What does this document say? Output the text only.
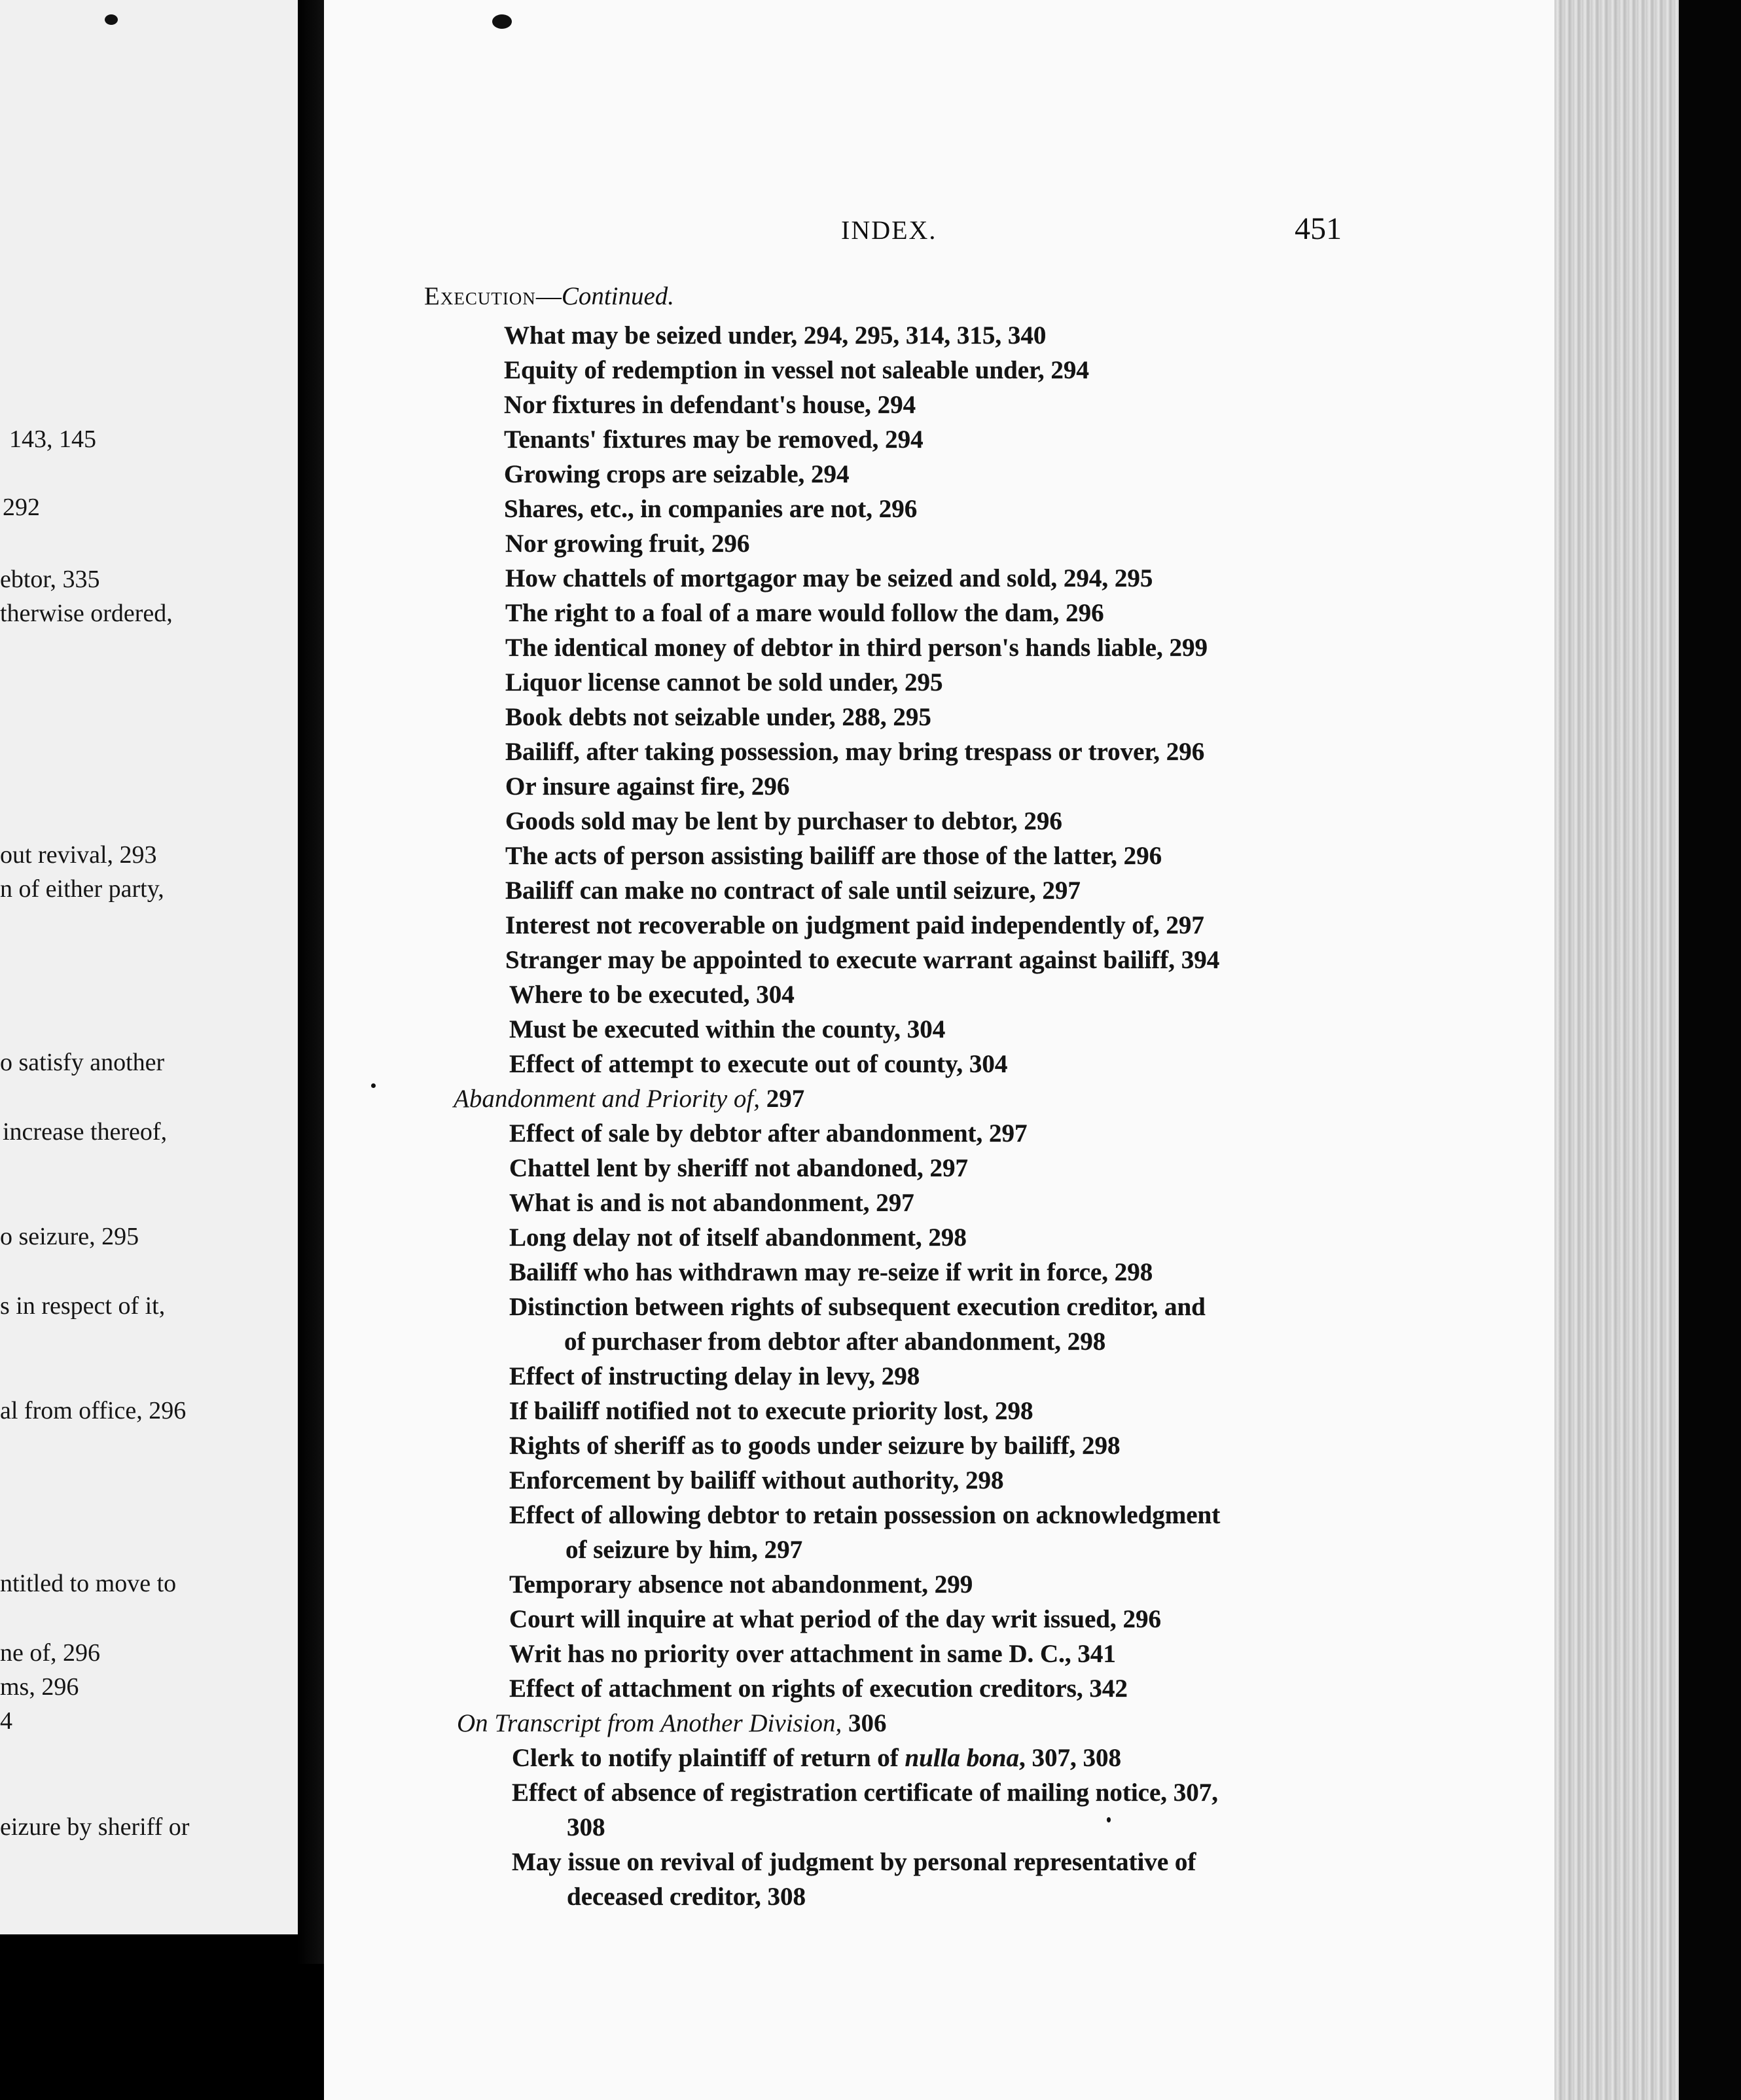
143, 145
292
ebtor, 335
therwise ordered,
out revival, 293
n of either party,
o satisfy another
increase thereof,
o seizure, 295
s in respect of it,
al from office, 296
ntitled to move to
ne of, 296
ms, 296
4
eizure by sheriff or
INDEX.	451
Execution—Continued.
What may be seized under, 294, 295, 314, 315, 340
Equity of redemption in vessel not saleable under, 294
Nor fixtures in defendant's house, 294
Tenants' fixtures may be removed, 294
Growing crops are seizable, 294
Shares, etc., in companies are not, 296
Nor growing fruit, 296
How chattels of mortgagor may be seized and sold, 294, 295
The right to a foal of a mare would follow the dam, 296
The identical money of debtor in third person's hands liable, 299
Liquor license cannot be sold under, 295
Book debts not seizable under, 288, 295
Bailiff, after taking possession, may bring trespass or trover, 296
Or insure against fire, 296
Goods sold may be lent by purchaser to debtor, 296
The acts of person assisting bailiff are those of the latter, 296
Bailiff can make no contract of sale until seizure, 297
Interest not recoverable on judgment paid independently of, 297
Stranger may be appointed to execute warrant against bailiff, 394
Where to be executed, 304
Must be executed within the county, 304
Effect of attempt to execute out of county, 304
Abandonment and Priority of, 297
Effect of sale by debtor after abandonment, 297
Chattel lent by sheriff not abandoned, 297
What is and is not abandonment, 297
Long delay not of itself abandonment, 298
Bailiff who has withdrawn may re-seize if writ in force, 298
Distinction between rights of subsequent execution creditor, and
of purchaser from debtor after abandonment, 298
Effect of instructing delay in levy, 298
If bailiff notified not to execute priority lost, 298
Rights of sheriff as to goods under seizure by bailiff, 298
Enforcement by bailiff without authority, 298
Effect of allowing debtor to retain possession on acknowledgment
of seizure by him, 297
Temporary absence not abandonment, 299
Court will inquire at what period of the day writ issued, 296
Writ has no priority over attachment in same D. C., 341
Effect of attachment on rights of execution creditors, 342
On Transcript from Another Division, 306
Clerk to notify plaintiff of return of nulla bona, 307, 308
Effect of absence of registration certificate of mailing notice, 307,
308
May issue on revival of judgment by personal representative of
deceased creditor, 308
